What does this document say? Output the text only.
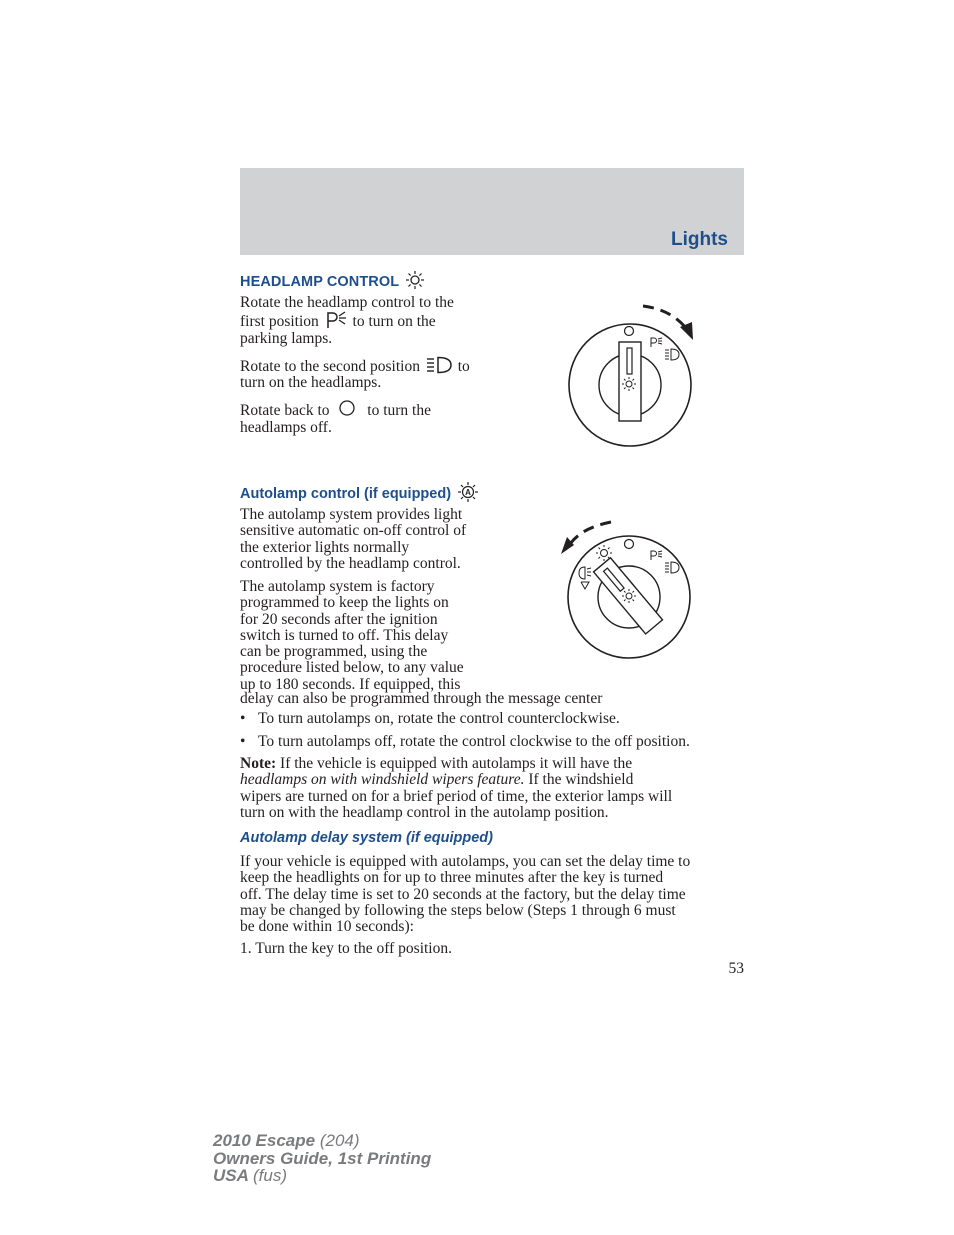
Lights
HEADLAMP CONTROL
Rotate the headlamp control to the
first position to turn on the
parking lamps.
Rotate to the second position to
turn on the headlamps.
Rotate back to to turn the
headlamps off.
Autolamp control (if equipped) A
The autolamp system provides light
sensitive automatic on-off control of
the exterior lights normally
controlled by the headlamp control.
The autolamp system is factory
programmed to keep the lights on
for 20 seconds after the ignition
switch is turned to off. This delay
can be programmed, using the
procedure listed below, to any value
up to 180 seconds. If equipped, this
delay can also be programmed through the message center
• To turn autolamps on, rotate the control counterclockwise.
• To turn autolamps off, rotate the control clockwise to the off position.
Note: If the vehicle is equipped with autolamps it will have the
headlamps on with windshield wipers feature. If the windshield
wipers are turned on for a brief period of time, the exterior lamps will
turn on with the headlamp control in the autolamp position.
Autolamp delay system (if equipped)
If your vehicle is equipped with autolamps, you can set the delay time to
keep the headlights on for up to three minutes after the key is turned
off. The delay time is set to 20 seconds at the factory, but the delay time
may be changed by following the steps below (Steps 1 through 6 must
be done within 10 seconds):
1. Turn the key to the off position.
53
2010 Escape (204)
Owners Guide, 1st Printing
USA (fus)
